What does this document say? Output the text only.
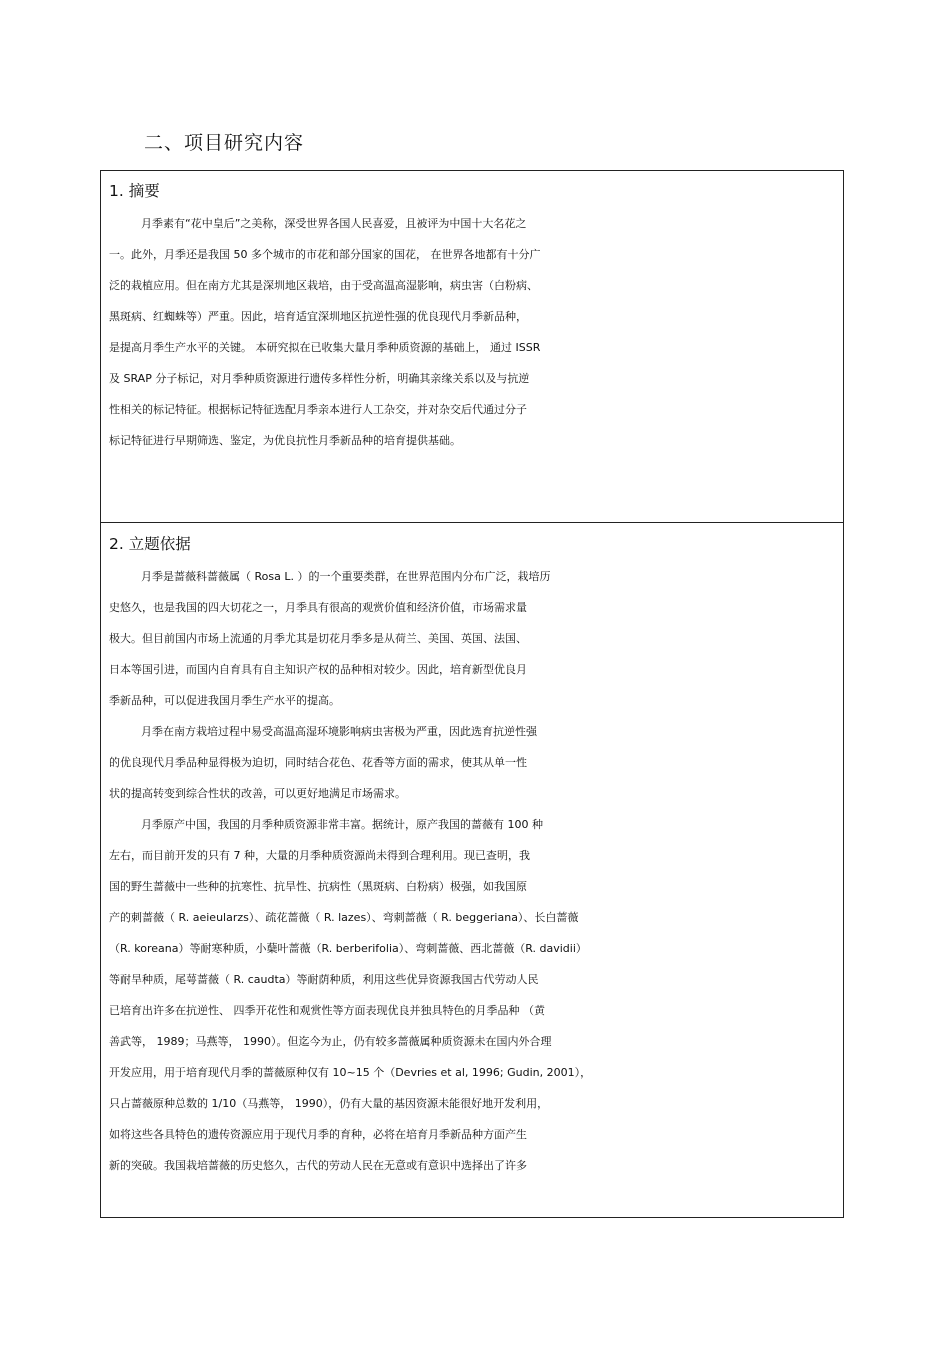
二、项目研究内容

1. 摘要

月季素有“花中皇后”之美称，深受世界各国人民喜爱，且被评为中国十大名花之

一。此外，月季还是我国 50 多个城市的市花和部分国家的国花， 在世界各地都有十分广

泛的栽植应用。但在南方尤其是深圳地区栽培，由于受高温高湿影响，病虫害（白粉病、

黑斑病、红蜘蛛等）严重。因此，培育适宜深圳地区抗逆性强的优良现代月季新品种，

是提高月季生产水平的关键。 本研究拟在已收集大量月季种质资源的基础上， 通过 ISSR

及 SRAP 分子标记，对月季种质资源进行遗传多样性分析，明确其亲缘关系以及与抗逆

性相关的标记特征。根据标记特征选配月季亲本进行人工杂交，并对杂交后代通过分子

标记特征进行早期筛选、鉴定，为优良抗性月季新品种的培育提供基础。

2. 立题依据

月季是蔷薇科蔷薇属（ Rosa L. ）的一个重要类群，在世界范围内分布广泛，栽培历

史悠久，也是我国的四大切花之一，月季具有很高的观赏价值和经济价值，市场需求量

极大。但目前国内市场上流通的月季尤其是切花月季多是从荷兰、美国、英国、法国、

日本等国引进，而国内自育具有自主知识产权的品种相对较少。因此，培育新型优良月

季新品种，可以促进我国月季生产水平的提高。

月季在南方栽培过程中易受高温高湿环境影响病虫害极为严重，因此选育抗逆性强

的优良现代月季品种显得极为迫切，同时结合花色、花香等方面的需求，使其从单一性

状的提高转变到综合性状的改善，可以更好地满足市场需求。

月季原产中国，我国的月季种质资源非常丰富。据统计，原产我国的蔷薇有 100 种

左右，而目前开发的只有 7 种，大量的月季种质资源尚未得到合理利用。现已查明，我

国的野生蔷薇中一些种的抗寒性、抗旱性、抗病性（黑斑病、白粉病）极强，如我国原

产的刺蔷薇（ R. aeieularzs）、疏花蔷薇（ R. lazes）、弯刺蔷薇（ R. beggeriana）、长白蔷薇

（R. koreana）等耐寒种质，小蘖叶蔷薇（R. berberifolia）、弯刺蔷薇、西北蔷薇（R. davidii）

等耐旱种质，尾萼蔷薇（ R. caudta）等耐荫种质，利用这些优异资源我国古代劳动人民

已培育出许多在抗逆性、 四季开花性和观赏性等方面表现优良并独具特色的月季品种 （黄

善武等， 1989；马燕等， 1990）。但迄今为止，仍有较多蔷薇属种质资源未在国内外合理

开发应用，用于培育现代月季的蔷薇原种仅有 10~15 个（Devries et al, 1996; Gudin, 2001），

只占蔷薇原种总数的 1/10（马燕等， 1990），仍有大量的基因资源未能很好地开发利用，

如将这些各具特色的遗传资源应用于现代月季的育种，必将在培育月季新品种方面产生

新的突破。我国栽培蔷薇的历史悠久，古代的劳动人民在无意或有意识中选择出了许多
